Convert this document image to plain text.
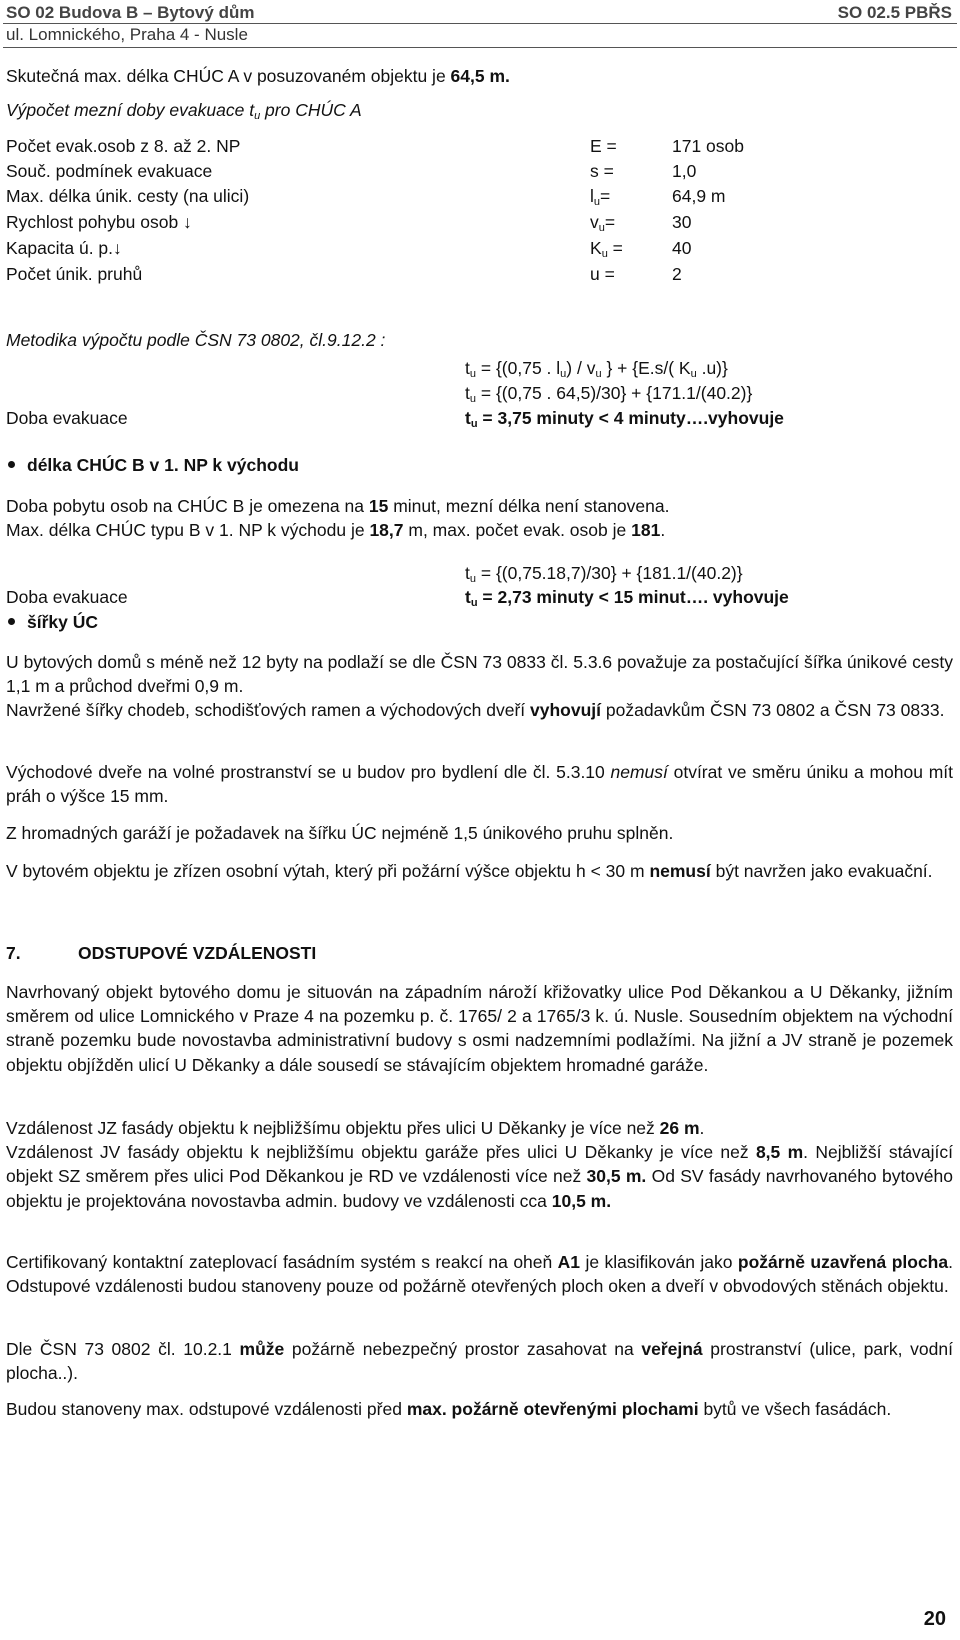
SO 02 Budova B – Bytový dům	SO 02.5 PBŘS
ul. Lomnického, Praha 4 - Nusle
Skutečná max. délka CHÚC A v posuzovaném objektu je 64,5 m.
Výpočet mezní doby evakuace $t_u$ pro CHÚC A
Počet evak.osob z 8. až 2. NP	E =	171 osob
Souč. podmínek evakuace	s =	1,0
Max. délka únik. cesty (na ulici)	$l_u=$	64,9 m
Rychlost pohybu osob ↓	$v_u=$	30
Kapacita ú. p.↓	$K_u$ =	40
Počet únik. pruhů	u =	2
Metodika výpočtu podle ČSN 73 0802, čl.9.12.2 :
$t_u = \{(0,75$ . $l_u) / v_u$ } + {E.s/( $K_u$ .u)}
$t_u = \{(0,75$ . 64,5)/30} + {171.1/(40.2)}
Doba evakuace	$t_u = 3,75$ minuty < 4 minuty….vyhovuje
délka CHÚC B v 1. NP k východu
Doba pobytu osob na CHÚC B je omezena na 15 minut, mezní délka není stanovena.
Max. délka CHÚC typu B v 1. NP k východu je 18,7 m, max. počet evak. osob je 181.
$t_u = \{(0,75.18,7)/30\} + \{181.1/(40.2)\}$
Doba evakuace	$t_u = 2,73$ minuty < 15 minut…. vyhovuje
šířky ÚC
U bytových domů s méně než 12 byty na podlaží se dle ČSN 73 0833 čl. 5.3.6 považuje za postačující šířka únikové cesty 1,1 m a průchod dveřmi 0,9 m.
Navržené šířky chodeb, schodišťových ramen a východových dveří vyhovují požadavkům ČSN 73 0802 a ČSN 73 0833.
Východové dveře na volné prostranství se u budov pro bydlení dle čl. 5.3.10 nemusí otvírat ve směru úniku a mohou mít práh o výšce 15 mm.
Z hromadných garáží je požadavek na šířku ÚC nejméně 1,5 únikového pruhu splněn.
V bytovém objektu je zřízen osobní výtah, který při požární výšce objektu h < 30 m nemusí být navržen jako evakuační.
7.	ODSTUPOVÉ VZDÁLENOSTI
Navrhovaný objekt bytového domu je situován na západním nároží křižovatky ulice Pod Děkankou a U Děkanky, jižním směrem od ulice Lomnického v Praze 4 na pozemku p. č. 1765/ 2 a 1765/3 k. ú. Nusle. Sousedním objektem na východní straně pozemku bude novostavba administrativní budovy s osmi nadzemními podlažími. Na jižní a JV straně je pozemek objektu objížděn ulicí U Děkanky a dále sousedí se stávajícím objektem hromadné garáže.
Vzdálenost JZ fasády objektu k nejbližšímu objektu přes ulici U Děkanky je více než 26 m.
Vzdálenost JV fasády objektu k nejbližšímu objektu garáže přes ulici U Děkanky je více než 8,5 m. Nejbližší stávající objekt SZ směrem přes ulici Pod Děkankou je RD ve vzdálenosti více než 30,5 m. Od SV fasády navrhovaného bytového objektu je projektována novostavba admin. budovy ve vzdálenosti cca 10,5 m.
Certifikovaný kontaktní zateplovací fasádním systém s reakcí na oheň A1 je klasifikován jako požárně uzavřená plocha. Odstupové vzdálenosti budou stanoveny pouze od požárně otevřených ploch oken a dveří v obvodových stěnách objektu.
Dle ČSN 73 0802 čl. 10.2.1 může požárně nebezpečný prostor zasahovat na veřejná prostranství (ulice, park, vodní plocha..).
Budou stanoveny max. odstupové vzdálenosti před max. požárně otevřenými plochami bytů ve všech fasádách.
20
